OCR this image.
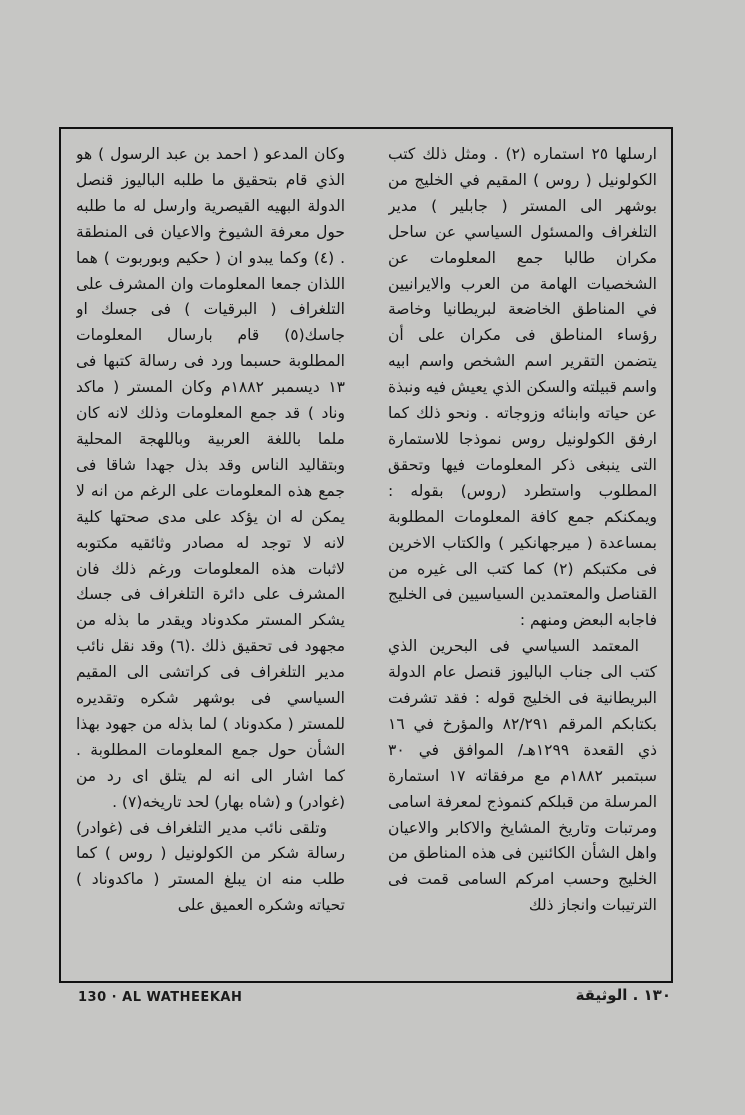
ارسلها ٢٥ استماره (٢) . ومثل ذلك كتب الكولونيل ( روس ) المقيم في الخليج من بوشهر الى المستر ( جابلير ) مدير التلغراف والمسئول السياسي عن ساحل مكران طالبا جمع المعلومات عن الشخصيات الهامة من العرب والايرانيين في المناطق الخاضعة لبريطانيا وخاصة رؤساء المناطق فى مكران على أن يتضمن التقرير اسم الشخص واسم ابيه واسم قبيلته والسكن الذي يعيش فيه ونبذة عن حياته وابنائه وزوجاته . ونحو ذلك كما ارفق الكولونيل روس نموذجا للاستمارة التى ينبغى ذكر المعلومات فيها وتحقق المطلوب واستطرد (روس) بقوله : ويمكنكم جمع كافة المعلومات المطلوبة بمساعدة ( ميرجهانكير ) والكتاب الاخرين فى مكتبكم (٢) كما كتب الى غيره من القناصل والمعتمدين السياسيين فى الخليج فاجابه البعض ومنهم :

المعتمد السياسي فى البحرين الذي كتب الى جناب الباليوز قنصل عام الدولة البريطانية فى الخليج قوله : فقد تشرفت بكتابكم المرقم ٨٢/٢٩١ والمؤرخ في ١٦ ذي القعدة ١٢٩٩هـ/ الموافق في ٣٠ سبتمبر ١٨٨٢م مع مرفقاته ١٧ استمارة المرسلة من قبلكم كنموذج لمعرفة اسامى ومرتبات وتاريخ المشايخ والاكابر والاعيان واهل الشأن الكائنين فى هذه المناطق من الخليج وحسب امركم السامى قمت فى الترتيبات وانجاز ذلك

وكان المدعو ( احمد بن عبد الرسول ) هو الذي قام بتحقيق ما طلبه الباليوز قنصل الدولة البهيه القيصرية وارسل له ما طلبه حول معرفة الشيوخ والاعيان فى المنطقة . (٤) وكما يبدو ان ( حكيم وبوربوت ) هما اللذان جمعا المعلومات وان المشرف على التلغراف ( البرقيات ) فى جسك او جاسك(٥) قام بارسال المعلومات المطلوبة حسبما ورد فى رسالة كتبها فى ١٣ ديسمبر ١٨٨٢م وكان المستر ( ماكد وناد ) قد جمع المعلومات وذلك لانه كان ملما باللغة العربية وباللهجة المحلية وبتقاليد الناس وقد بذل جهدا شاقا فى جمع هذه المعلومات على الرغم من انه لا يمكن له ان يؤكد على مدى صحتها كلية لانه لا توجد له مصادر وثائقيه مكتوبه لاثبات هذه المعلومات ورغم ذلك فان المشرف على دائرة التلغراف فى جسك يشكر المستر مكدوناد ويقدر ما بذله من مجهود فى تحقيق ذلك .(٦) وقد نقل نائب مدير التلغراف فى كراتشى الى المقيم السياسي فى بوشهر شكره وتقديره للمستر ( مكدوناد ) لما بذله من جهود بهذا الشأن حول جمع المعلومات المطلوبة . كما اشار الى انه لم يتلق اى رد من (غوادر) و (شاه بهار) لحد تاريخه(٧) .

وتلقى نائب مدير التلغراف فى (غوادر) رسالة شكر من الكولونيل ( روس ) كما طلب منه ان يبلغ المستر ( ماكدوناد ) تحياته وشكره العميق على

130 · AL WATHEEKAH	١٣٠ . الوثيقة
